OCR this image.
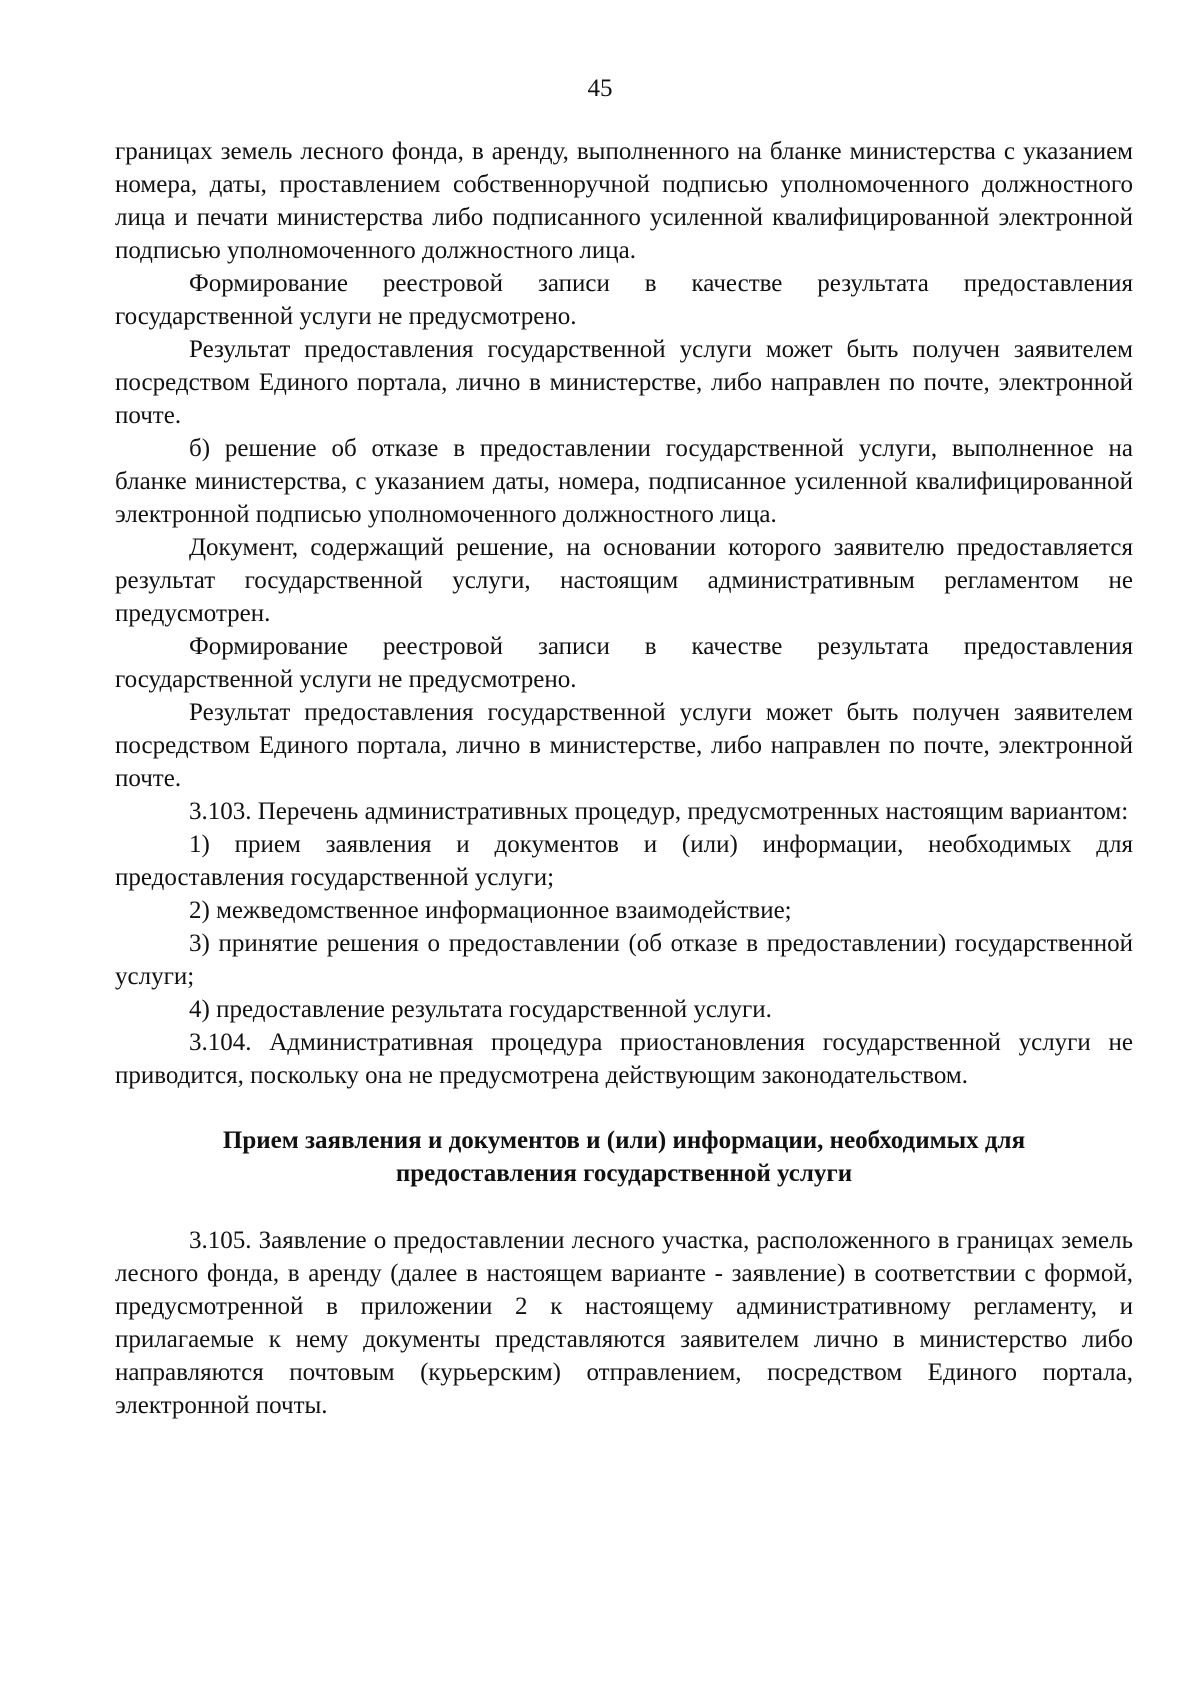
45

границах земель лесного фонда, в аренду, выполненного на бланке министерства с указанием номера, даты, проставлением собственноручной подписью уполномоченного должностного лица и печати министерства либо подписанного усиленной квалифицированной электронной подписью уполномоченного должностного лица.

Формирование реестровой записи в качестве результата предоставления государственной услуги не предусмотрено.

Результат предоставления государственной услуги может быть получен заявителем посредством Единого портала, лично в министерстве, либо направлен по почте, электронной почте.

б) решение об отказе в предоставлении государственной услуги, выполненное на бланке министерства, с указанием даты, номера, подписанное усиленной квалифицированной электронной подписью уполномоченного должностного лица.

Документ, содержащий решение, на основании которого заявителю предоставляется результат государственной услуги, настоящим административным регламентом не предусмотрен.

Формирование реестровой записи в качестве результата предоставления государственной услуги не предусмотрено.

Результат предоставления государственной услуги может быть получен заявителем посредством Единого портала, лично в министерстве, либо направлен по почте, электронной почте.

3.103. Перечень административных процедур, предусмотренных настоящим вариантом:

1) прием заявления и документов и (или) информации, необходимых для предоставления государственной услуги;

2) межведомственное информационное взаимодействие;

3) принятие решения о предоставлении (об отказе в предоставлении) государственной услуги;

4) предоставление результата государственной услуги.

3.104. Административная процедура приостановления государственной услуги не приводится, поскольку она не предусмотрена действующим законодательством.

Прием заявления и документов и (или) информации, необходимых для предоставления государственной услуги

3.105. Заявление о предоставлении лесного участка, расположенного в границах земель лесного фонда, в аренду (далее в настоящем варианте - заявление) в соответствии с формой, предусмотренной в приложении 2 к настоящему административному регламенту, и прилагаемые к нему документы представляются заявителем лично в министерство либо направляются почтовым (курьерским) отправлением, посредством Единого портала, электронной почты.
